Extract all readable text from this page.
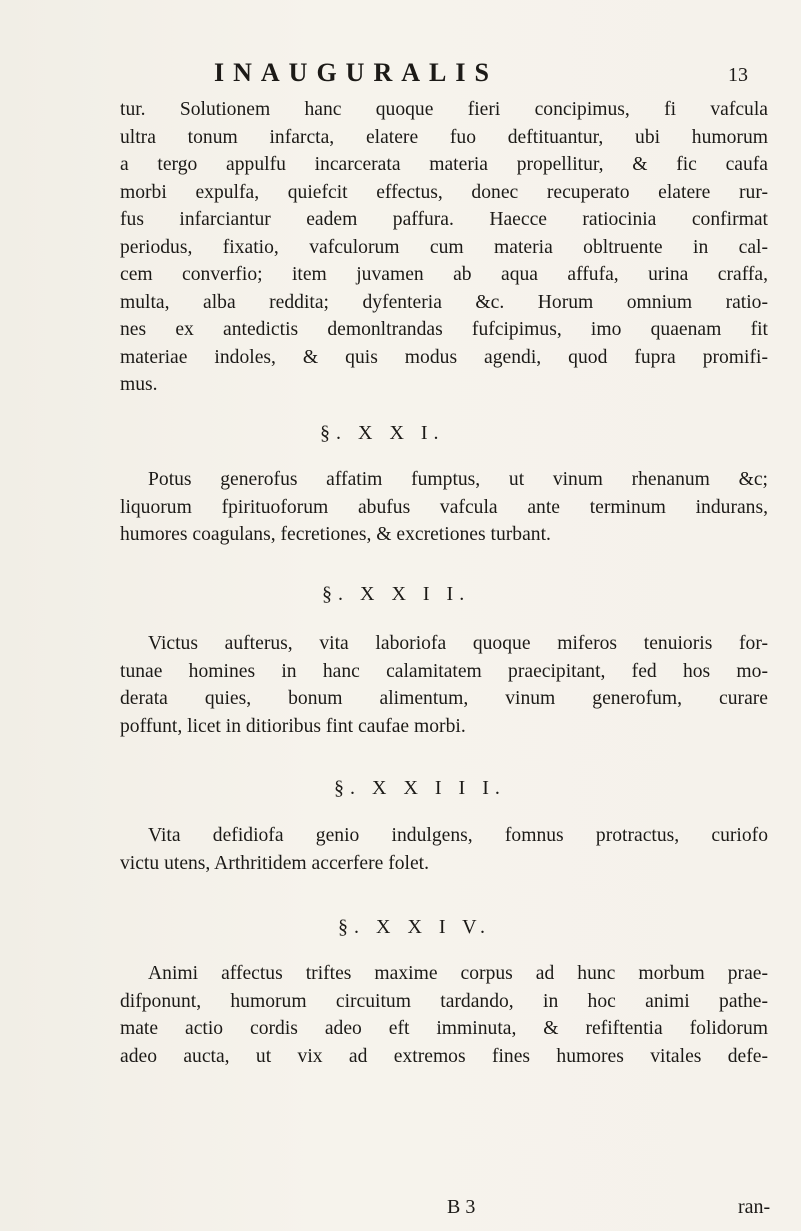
INAUGURALIS	13
tur. Solutionem hanc quoque fieri concipimus, fi vafcula
ultra tonum infarcta, elatere fuo deftituantur, ubi humorum
a tergo appulfu incarcerata materia propellitur, & fic caufa
morbi expulfa, quiefcit effectus, donec recuperato elatere rur-
fus infarciantur eadem paffura. Haecce ratiocinia confirmat
periodus, fixatio, vafculorum cum materia obltruente in cal-
cem converfio; item juvamen ab aqua affufa, urina craffa,
multa, alba reddita; dyfenteria &c. Horum omnium ratio-
nes ex antedictis demonltrandas fufcipimus, imo quaenam fit
materiae indoles, & quis modus agendi, quod fupra promifi-
mus.
§. X X I.
Potus generofus affatim fumptus, ut vinum rhenanum &c;
liquorum fpirituoforum abufus vafcula ante terminum indurans,
humores coagulans, fecretiones, & excretiones turbant.
§. X X I I.
Victus aufterus, vita laboriofa quoque miferos tenuioris for-
tunae homines in hanc calamitatem praecipitant, fed hos mo-
derata quies, bonum alimentum, vinum generofum, curare
poffunt, licet in ditioribus fint caufae morbi.
§. X X I I I.
Vita defidiofa genio indulgens, fomnus protractus, curiofo
victu utens, Arthritidem accerfere folet.
§. X X I V.
Animi affectus triftes maxime corpus ad hunc morbum prae-
difponunt, humorum circuitum tardando, in hoc animi pathe-
mate actio cordis adeo eft imminuta, & refiftentia folidorum
adeo aucta, ut vix ad extremos fines humores vitales defe-
B 3	ran-
